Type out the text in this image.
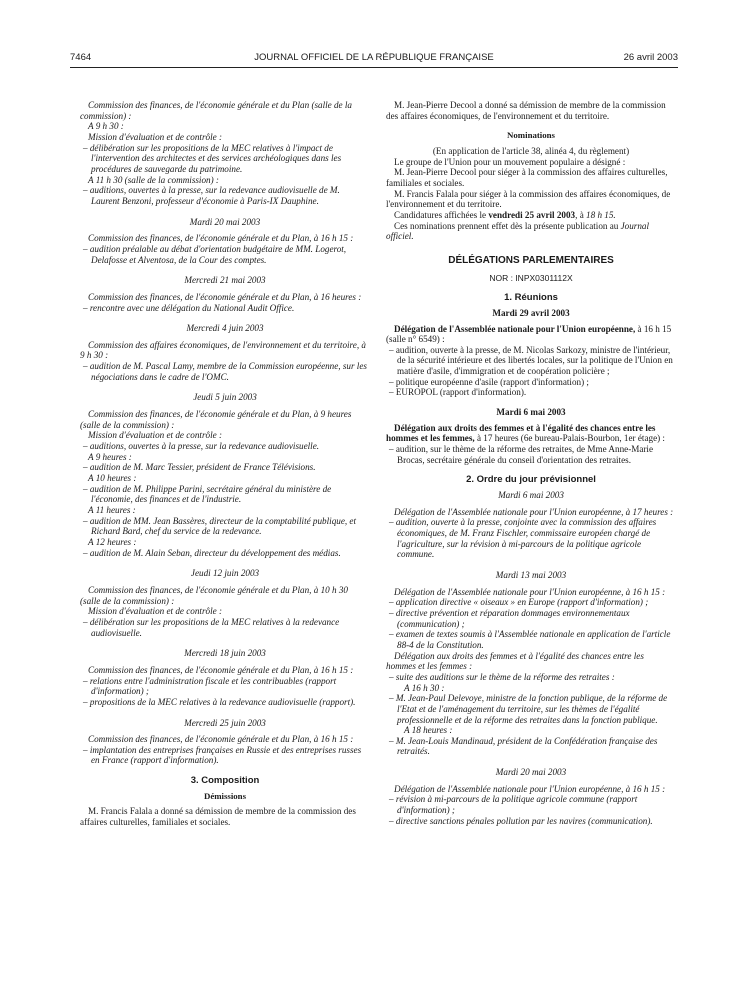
7464	JOURNAL OFFICIEL DE LA RÉPUBLIQUE FRANÇAISE	26 avril 2003

Commission des finances, de l'économie générale et du Plan (salle de la commission) :

A 9 h 30 :

Mission d'évaluation et de contrôle :

– délibération sur les propositions de la MEC relatives à l'impact de l'intervention des architectes et des services archéologiques dans les procédures de sauvegarde du patrimoine.

A 11 h 30 (salle de la commission) :

– auditions, ouvertes à la presse, sur la redevance audiovisuelle de M. Laurent Benzoni, professeur d'économie à Paris-IX Dauphine.

Mardi 20 mai 2003

Commission des finances, de l'économie générale et du Plan, à 16 h 15 :

– audition préalable au débat d'orientation budgétaire de MM. Logerot, Delafosse et Alventosa, de la Cour des comptes.

Mercredi 21 mai 2003

Commission des finances, de l'économie générale et du Plan, à 16 heures :

– rencontre avec une délégation du National Audit Office.

Mercredi 4 juin 2003

Commission des affaires économiques, de l'environnement et du territoire, à 9 h 30 :

– audition de M. Pascal Lamy, membre de la Commission européenne, sur les négociations dans le cadre de l'OMC.

Jeudi 5 juin 2003

Commission des finances, de l'économie générale et du Plan, à 9 heures (salle de la commission) :

Mission d'évaluation et de contrôle :

– auditions, ouvertes à la presse, sur la redevance audiovisuelle.

A 9 heures :

– audition de M. Marc Tessier, président de France Télévisions.

A 10 heures :

– audition de M. Philippe Parini, secrétaire général du ministère de l'économie, des finances et de l'industrie.

A 11 heures :

– audition de MM. Jean Bassères, directeur de la comptabilité publique, et Richard Bard, chef du service de la redevance.

A 12 heures :

– audition de M. Alain Seban, directeur du développement des médias.

Jeudi 12 juin 2003

Commission des finances, de l'économie générale et du Plan, à 10 h 30 (salle de la commission) :

Mission d'évaluation et de contrôle :

– délibération sur les propositions de la MEC relatives à la redevance audiovisuelle.

Mercredi 18 juin 2003

Commission des finances, de l'économie générale et du Plan, à 16 h 15 :

– relations entre l'administration fiscale et les contribuables (rapport d'information) ;

– propositions de la MEC relatives à la redevance audiovisuelle (rapport).

Mercredi 25 juin 2003

Commission des finances, de l'économie générale et du Plan, à 16 h 15 :

– implantation des entreprises françaises en Russie et des entreprises russes en France (rapport d'information).

3. Composition

Démissions

M. Francis Falala a donné sa démission de membre de la commission des affaires culturelles, familiales et sociales.

M. Jean-Pierre Decool a donné sa démission de membre de la commission des affaires économiques, de l'environnement et du territoire.

Nominations

(En application de l'article 38, alinéa 4, du règlement)

Le groupe de l'Union pour un mouvement populaire a désigné :

M. Jean-Pierre Decool pour siéger à la commission des affaires culturelles, familiales et sociales.

M. Francis Falala pour siéger à la commission des affaires économiques, de l'environnement et du territoire.

Candidatures affichées le vendredi 25 avril 2003, à 18 h 15.

Ces nominations prennent effet dès la présente publication au Journal officiel.

DÉLÉGATIONS PARLEMENTAIRES

NOR : INPX0301112X

1. Réunions

Mardi 29 avril 2003

Délégation de l'Assemblée nationale pour l'Union européenne, à 16 h 15 (salle n° 6549) :

– audition, ouverte à la presse, de M. Nicolas Sarkozy, ministre de l'intérieur, de la sécurité intérieure et des libertés locales, sur la politique de l'Union en matière d'asile, d'immigration et de coopération policière ;

– politique européenne d'asile (rapport d'information) ;

– EUROPOL (rapport d'information).

Mardi 6 mai 2003

Délégation aux droits des femmes et à l'égalité des chances entre les hommes et les femmes, à 17 heures (6e bureau-Palais-Bourbon, 1er étage) :

– audition, sur le thème de la réforme des retraites, de Mme Anne-Marie Brocas, secrétaire générale du conseil d'orientation des retraites.

2. Ordre du jour prévisionnel

Mardi 6 mai 2003

Délégation de l'Assemblée nationale pour l'Union européenne, à 17 heures :

– audition, ouverte à la presse, conjointe avec la commission des affaires économiques, de M. Franz Fischler, commissaire européen chargé de l'agriculture, sur la révision à mi-parcours de la politique agricole commune.

Mardi 13 mai 2003

Délégation de l'Assemblée nationale pour l'Union européenne, à 16 h 15 :

– application directive « oiseaux » en Europe (rapport d'information) ;

– directive prévention et réparation dommages environnementaux (communication) ;

– examen de textes soumis à l'Assemblée nationale en application de l'article 88-4 de la Constitution.

Délégation aux droits des femmes et à l'égalité des chances entre les hommes et les femmes :

– suite des auditions sur le thème de la réforme des retraites :

A 16 h 30 :

– M. Jean-Paul Delevoye, ministre de la fonction publique, de la réforme de l'Etat et de l'aménagement du territoire, sur les thèmes de l'égalité professionnelle et de la réforme des retraites dans la fonction publique.

A 18 heures :

– M. Jean-Louis Mandinaud, président de la Confédération française des retraités.

Mardi 20 mai 2003

Délégation de l'Assemblée nationale pour l'Union européenne, à 16 h 15 :

– révision à mi-parcours de la politique agricole commune (rapport d'information) ;

– directive sanctions pénales pollution par les navires (communication).
